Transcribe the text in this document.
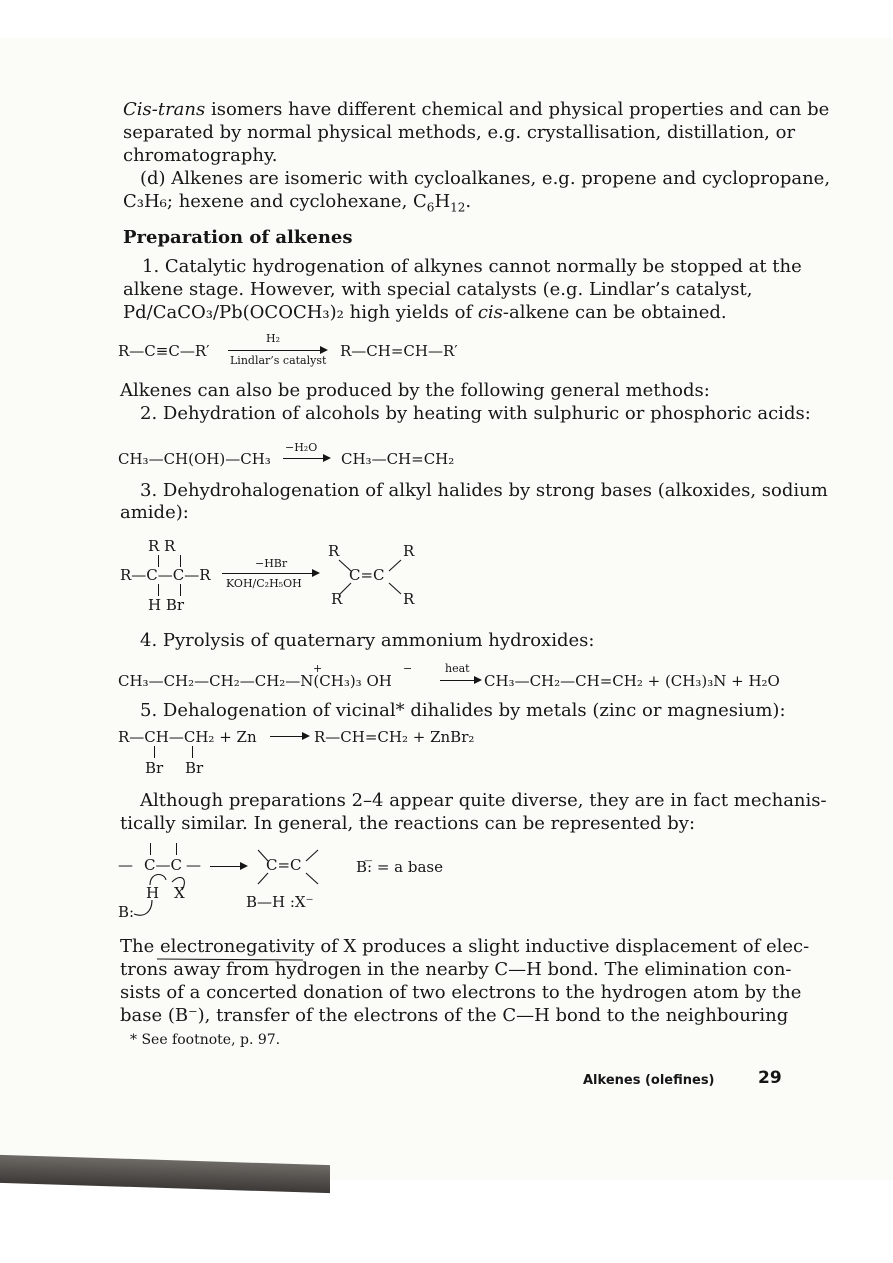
Cis-trans isomers have different chemical and physical properties and can be
separated by normal physical methods, e.g. crystallisation, distillation, or
chromatography.
(d) Alkenes are isomeric with cycloalkanes, e.g. propene and cyclopropane,
C₃H₆; hexene and cyclohexane, $C_6H_{12}$.
Preparation of alkenes
1. Catalytic hydrogenation of alkynes cannot normally be stopped at the
alkene stage. However, with special catalysts (e.g. Lindlar’s catalyst,
Pd/CaCO₃/Pb(OCOCH₃)₂ high yields of cis-alkene can be obtained.
R—C≡C—R′
H₂
Lindlar’s catalyst
R—CH=CH—R′
Alkenes can also be produced by the following general methods:
2. Dehydration of alcohols by heating with sulphuric or phosphoric acids:
CH₃—CH(OH)—CH₃
−H₂O
CH₃—CH=CH₂
3. Dehydrohalogenation of alkyl halides by strong bases (alkoxides, sodium
amide):
R R
R—C—C—R
H Br
−HBr
KOH/C₂H₅OH
R	R
C=C
R	R
4. Pyrolysis of quaternary ammonium hydroxides:
+	−
CH₃—CH₂—CH₂—CH₂—N(CH₃)₃ OH
heat
CH₃—CH₂—CH=CH₂ + (CH₃)₃N + H₂O
5. Dehalogenation of vicinal* dihalides by metals (zinc or magnesium):
R—CH—CH₂ + Zn	R—CH=CH₂ + ZnBr₂
Br Br
Although preparations 2–4 appear quite diverse, they are in fact mechanis-
tically similar. In general, the reactions can be represented by:
— C—C —
H X
B:
C=C
B—H :X⁻
B:̅ = a base
The electronegativity of X produces a slight inductive displacement of elec-
trons away from hydrogen in the nearby C—H bond. The elimination con-
sists of a concerted donation of two electrons to the hydrogen atom by the
base (B⁻), transfer of the electrons of the C—H bond to the neighbouring
* See footnote, p. 97.
Alkenes (olefines)	29
